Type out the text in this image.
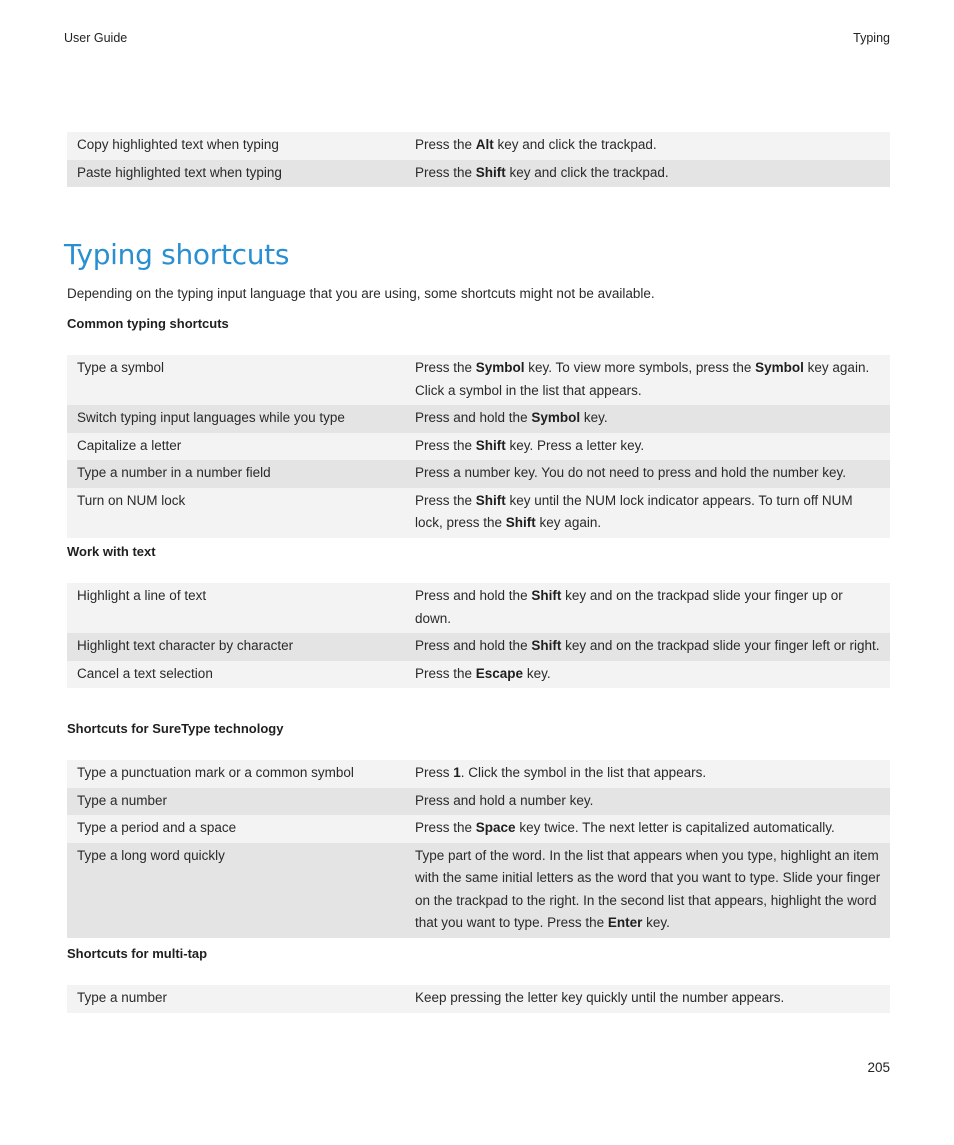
User Guide	Typing
Copy highlighted text when typing	Press the Alt key and click the trackpad.
Paste highlighted text when typing	Press the Shift key and click the trackpad.
Typing shortcuts

Depending on the typing input language that you are using, some shortcuts might not be available.

Common typing shortcuts

Type a symbol	Press the Symbol key. To view more symbols, press the Symbol key again. Click a symbol in the list that appears.
Switch typing input languages while you type	Press and hold the Symbol key.
Capitalize a letter	Press the Shift key. Press a letter key.
Type a number in a number field	Press a number key. You do not need to press and hold the number key.
Turn on NUM lock	Press the Shift key until the NUM lock indicator appears. To turn off NUM lock, press the Shift key again.

Work with text

Highlight a line of text	Press and hold the Shift key and on the trackpad slide your finger up or down.
Highlight text character by character	Press and hold the Shift key and on the trackpad slide your finger left or right.
Cancel a text selection	Press the Escape key.

Shortcuts for SureType technology

Type a punctuation mark or a common symbol	Press 1. Click the symbol in the list that appears.
Type a number	Press and hold a number key.
Type a period and a space	Press the Space key twice. The next letter is capitalized automatically.
Type a long word quickly	Type part of the word. In the list that appears when you type, highlight an item with the same initial letters as the word that you want to type. Slide your finger on the trackpad to the right. In the second list that appears, highlight the word that you want to type. Press the Enter key.

Shortcuts for multi-tap

Type a number	Keep pressing the letter key quickly until the number appears.
205
